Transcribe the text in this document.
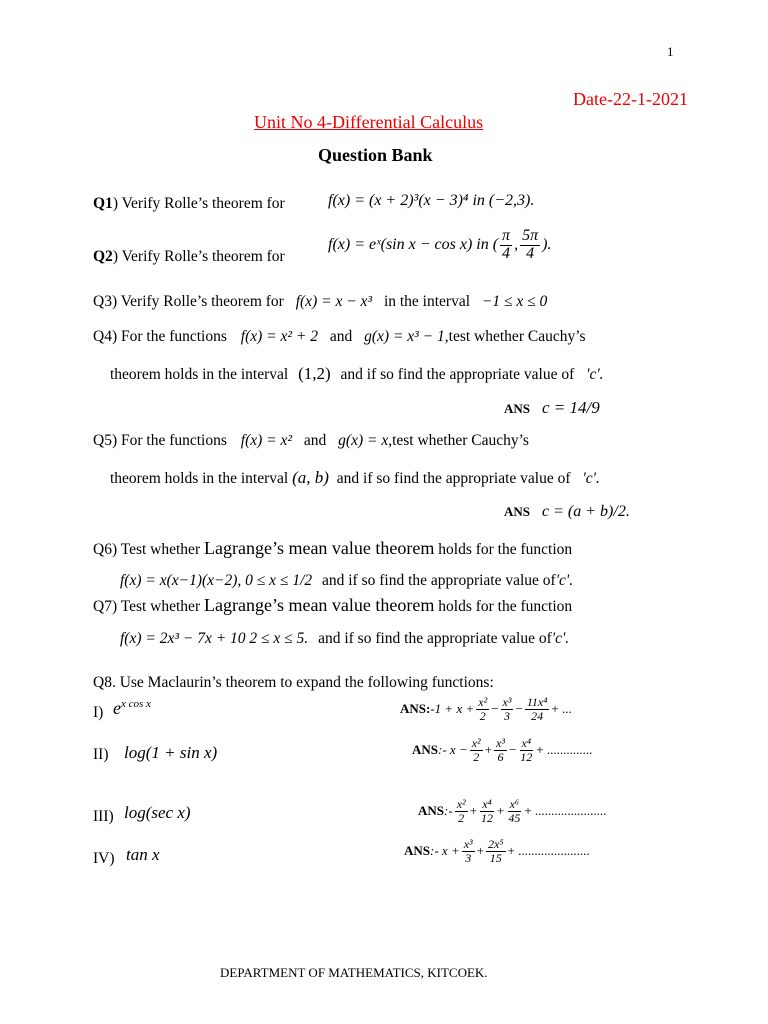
1
Date-22-1-2021
Unit No 4-Differential Calculus
Question Bank
Q1) Verify Rolle’s theorem for	f(x) = (x + 2)³(x − 3)⁴ in (−2,3).
Q2) Verify Rolle’s theorem for
f(x) = eˣ(sin x − cos x) in ( $\frac{\pi}{4}$ , $\frac{5\pi}{4}$ ).
Q3) Verify Rolle’s theorem for f(x) = x − x³ in the interval −1 ≤ x ≤ 0
Q4) For the functions f(x) = x² + 2 and g(x) = x³ − 1,test whether Cauchy’s
theorem holds in the interval (1,2) and if so find the appropriate value of 'c'.
ANS c = 14/9
Q5) For the functions f(x) = x² and g(x) = x,test whether Cauchy’s
theorem holds in the interval (a, b) and if so find the appropriate value of 'c'.
ANS c = (a + b)/2.
Q6) Test whether Lagrange’s mean value theorem holds for the function
f(x) = x(x−1)(x−2), 0 ≤ x ≤ 1/2 and if so find the appropriate value of'c'.
Q7) Test whether Lagrange’s mean value theorem holds for the function
f(x) = 2x³ − 7x + 10 2 ≤ x ≤ 5. and if so find the appropriate value of'c'.
Q8. Use Maclaurin’s theorem to expand the following functions:
I) $e^{x cos x}$	ANS: $-1 + x + \frac{\text{x²}}{2} - \frac{\text{x³}}{3} - \frac{\text{11x⁴}}{24}$ + ...
II) log(1 + sin x)	ANS :- $x - \frac{\text{x²}}{2} + \frac{\text{x³}}{6} - \frac{\text{x⁴}}{12}$ + ..............
III) log(sec x)	ANS :- $\frac{\text{x²}}{2} + \frac{\text{x⁴}}{12} + \frac{\text{x⁶}}{45}$ + ......................
IV) tan x	ANS :- $x + \frac{\text{x³}}{3} + \frac{\text{2x⁵}}{15}$ + ......................
DEPARTMENT OF MATHEMATICS, KITCOEK.
